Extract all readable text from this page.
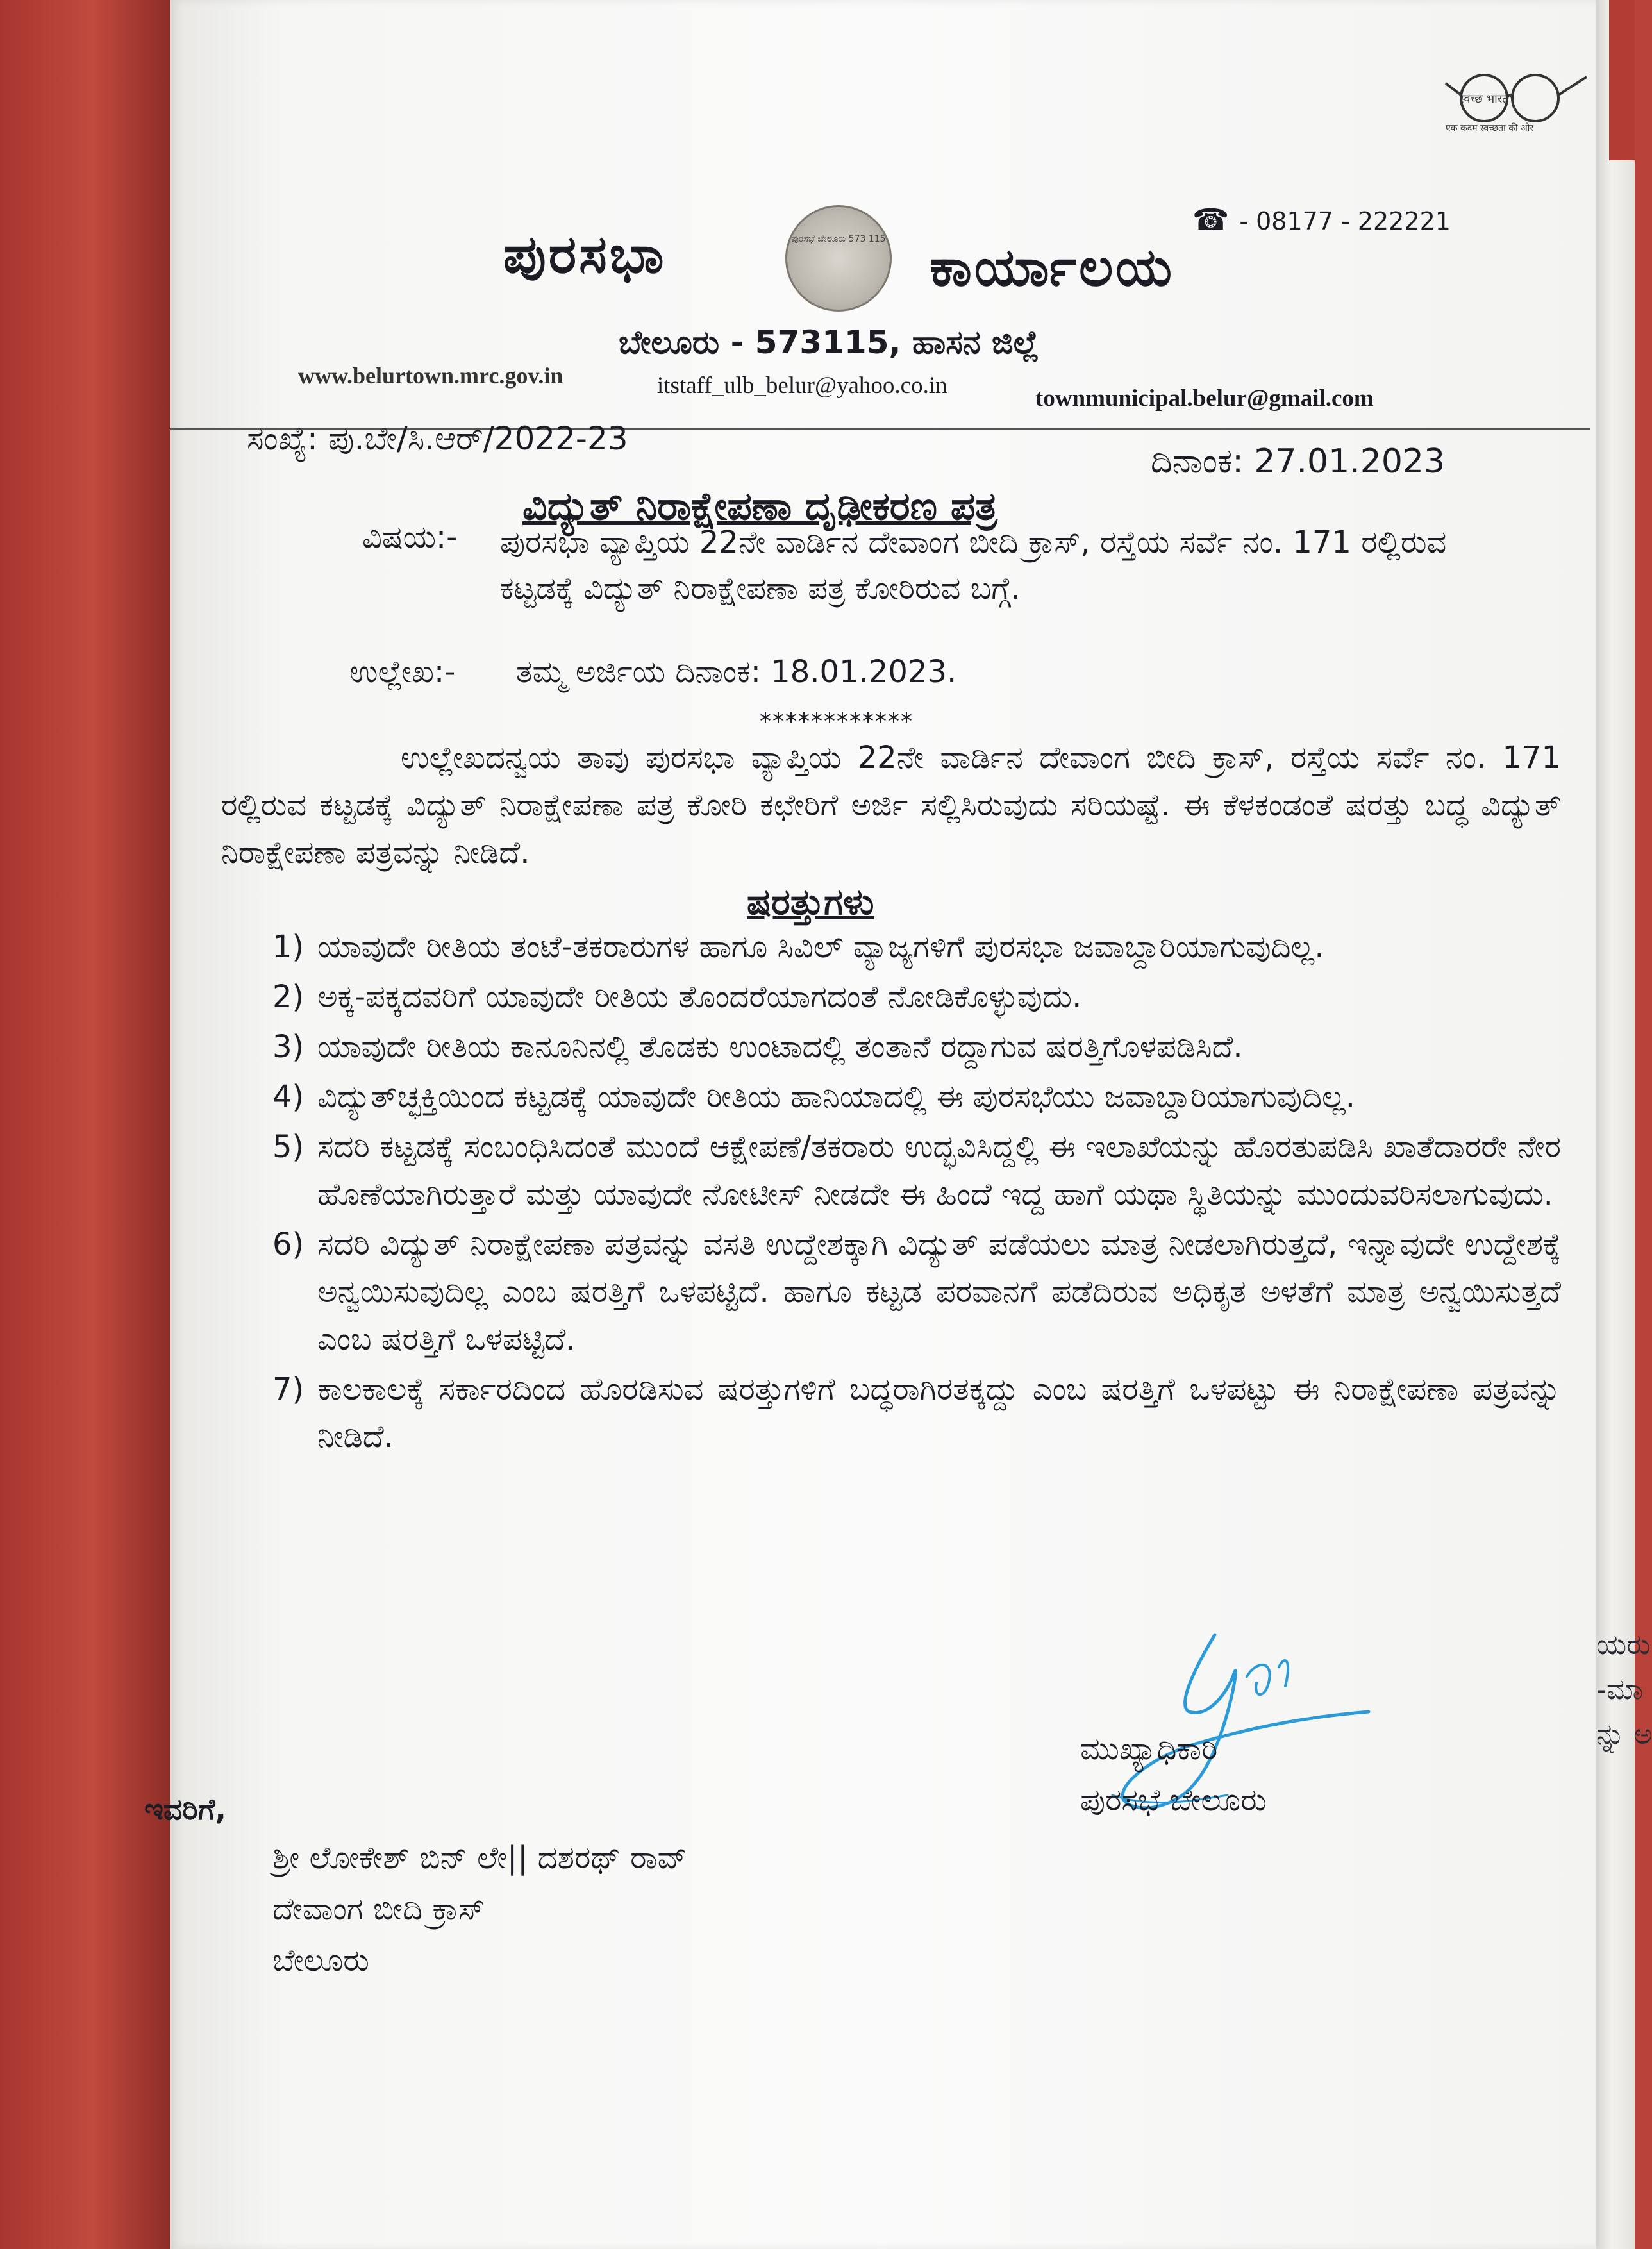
ಯರು
-ಮಾ
ನ್ನು ಅ
स्वच्छ भारत
एक कदम स्वच्छता की ओर
☎ - 08177 - 222221
ಪುರಸಭಾ	ಪುರಸಭೆ ಬೇಲೂರು 573 115 ಕಾರ್ಯಾಲಯ
ಬೇಲೂರು - 573115, ಹಾಸನ ಜಿಲ್ಲೆ
www.belurtown.mrc.gov.in	itstaff_ulb_belur@yahoo.co.in	townmunicipal.belur@gmail.com
ಸಂಖ್ಯೆ: ಪು.ಬೇ/ಸಿ.ಆರ್/2022-23
ದಿನಾಂಕ: 27.01.2023
ವಿದ್ಯುತ್ ನಿರಾಕ್ಷೇಪಣಾ ದೃಢೀಕರಣ ಪತ್ರ
ವಿಷಯ:- ಪುರಸಭಾ ವ್ಯಾಪ್ತಿಯ 22ನೇ ವಾರ್ಡಿನ ದೇವಾಂಗ ಬೀದಿ ಕ್ರಾಸ್, ರಸ್ತೆಯ ಸರ್ವೆ ನಂ. 171 ರಲ್ಲಿರುವ ಕಟ್ಟಡಕ್ಕೆ ವಿದ್ಯುತ್ ನಿರಾಕ್ಷೇಪಣಾ ಪತ್ರ ಕೋರಿರುವ ಬಗ್ಗೆ.
ಉಲ್ಲೇಖ:- ತಮ್ಮ ಅರ್ಜಿಯ ದಿನಾಂಕ: 18.01.2023.
************
ಉಲ್ಲೇಖದನ್ವಯ ತಾವು ಪುರಸಭಾ ವ್ಯಾಪ್ತಿಯ 22ನೇ ವಾರ್ಡಿನ ದೇವಾಂಗ ಬೀದಿ ಕ್ರಾಸ್, ರಸ್ತೆಯ ಸರ್ವೆ ನಂ. 171 ರಲ್ಲಿರುವ ಕಟ್ಟಡಕ್ಕೆ ವಿದ್ಯುತ್ ನಿರಾಕ್ಷೇಪಣಾ ಪತ್ರ ಕೋರಿ ಕಛೇರಿಗೆ ಅರ್ಜಿ ಸಲ್ಲಿಸಿರುವುದು ಸರಿಯಷ್ಟೆ. ಈ ಕೆಳಕಂಡಂತೆ ಷರತ್ತು ಬದ್ಧ ವಿದ್ಯುತ್ ನಿರಾಕ್ಷೇಪಣಾ ಪತ್ರವನ್ನು ನೀಡಿದೆ.
ಷರತ್ತುಗಳು
1) ಯಾವುದೇ ರೀತಿಯ ತಂಟೆ-ತಕರಾರುಗಳ ಹಾಗೂ ಸಿವಿಲ್ ವ್ಯಾಜ್ಯಗಳಿಗೆ ಪುರಸಭಾ ಜವಾಬ್ದಾರಿಯಾಗುವುದಿಲ್ಲ.
2) ಅಕ್ಕ-ಪಕ್ಕದವರಿಗೆ ಯಾವುದೇ ರೀತಿಯ ತೊಂದರೆಯಾಗದಂತೆ ನೋಡಿಕೊಳ್ಳುವುದು.
3) ಯಾವುದೇ ರೀತಿಯ ಕಾನೂನಿನಲ್ಲಿ ತೊಡಕು ಉಂಟಾದಲ್ಲಿ ತಂತಾನೆ ರದ್ದಾಗುವ ಷರತ್ತಿಗೊಳಪಡಿಸಿದೆ.
4) ವಿದ್ಯುತ್‌ಚ್ಛಕ್ತಿಯಿಂದ ಕಟ್ಟಡಕ್ಕೆ ಯಾವುದೇ ರೀತಿಯ ಹಾನಿಯಾದಲ್ಲಿ ಈ ಪುರಸಭೆಯು ಜವಾಬ್ದಾರಿಯಾಗುವುದಿಲ್ಲ.
5) ಸದರಿ ಕಟ್ಟಡಕ್ಕೆ ಸಂಬಂಧಿಸಿದಂತೆ ಮುಂದೆ ಆಕ್ಷೇಪಣೆ/ತಕರಾರು ಉದ್ಭವಿಸಿದ್ದಲ್ಲಿ ಈ ಇಲಾಖೆಯನ್ನು ಹೊರತುಪಡಿಸಿ ಖಾತೆದಾರರೇ ನೇರ ಹೊಣೆಯಾಗಿರುತ್ತಾರೆ ಮತ್ತು ಯಾವುದೇ ನೋಟೀಸ್ ನೀಡದೇ ಈ ಹಿಂದೆ ಇದ್ದ ಹಾಗೆ ಯಥಾ ಸ್ಥಿತಿಯನ್ನು ಮುಂದುವರಿಸಲಾಗುವುದು.
6) ಸದರಿ ವಿದ್ಯುತ್ ನಿರಾಕ್ಷೇಪಣಾ ಪತ್ರವನ್ನು ವಸತಿ ಉದ್ದೇಶಕ್ಕಾಗಿ ವಿದ್ಯುತ್ ಪಡೆಯಲು ಮಾತ್ರ ನೀಡಲಾಗಿರುತ್ತದೆ, ಇನ್ನಾವುದೇ ಉದ್ದೇಶಕ್ಕೆ ಅನ್ವಯಿಸುವುದಿಲ್ಲ ಎಂಬ ಷರತ್ತಿಗೆ ಒಳಪಟ್ಟಿದೆ. ಹಾಗೂ ಕಟ್ಟಡ ಪರವಾನಗೆ ಪಡೆದಿರುವ ಅಧಿಕೃತ ಅಳತೆಗೆ ಮಾತ್ರ ಅನ್ವಯಿಸುತ್ತದೆ ಎಂಬ ಷರತ್ತಿಗೆ ಒಳಪಟ್ಟಿದೆ.
7) ಕಾಲಕಾಲಕ್ಕೆ ಸರ್ಕಾರದಿಂದ ಹೊರಡಿಸುವ ಷರತ್ತುಗಳಿಗೆ ಬದ್ಧರಾಗಿರತಕ್ಕದ್ದು ಎಂಬ ಷರತ್ತಿಗೆ ಒಳಪಟ್ಟು ಈ ನಿರಾಕ್ಷೇಪಣಾ ಪತ್ರವನ್ನು ನೀಡಿದೆ.
ಮುಖ್ಯಾಧಿಕಾರಿ
ಪುರಸಭೆ ಬೇಲೂರು
ಇವರಿಗೆ,
ಶ್ರೀ ಲೋಕೇಶ್ ಬಿನ್ ಲೇ|| ದಶರಥ್ ರಾವ್
ದೇವಾಂಗ ಬೀದಿ ಕ್ರಾಸ್
ಬೇಲೂರು
